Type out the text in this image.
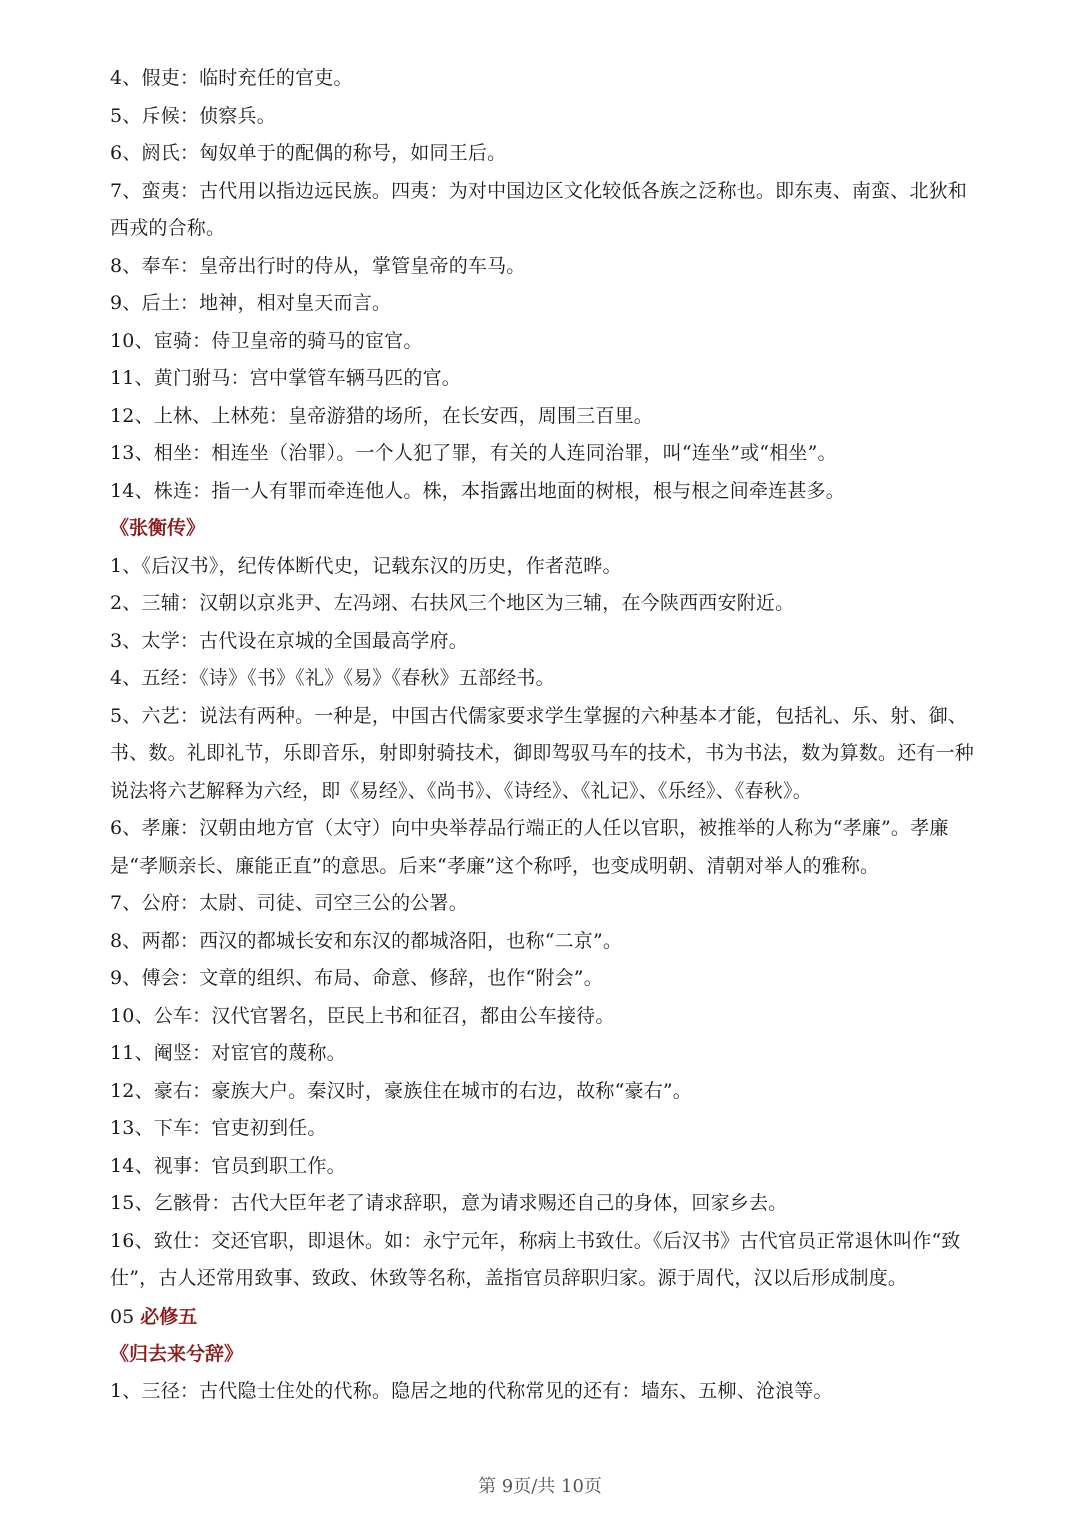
4、假吏：临时充任的官吏。
5、斥候：侦察兵。
6、阏氏：匈奴单于的配偶的称号，如同王后。
7、蛮夷：古代用以指边远民族。四夷：为对中国边区文化较低各族之泛称也。即东夷、南蛮、北狄和西戎的合称。
8、奉车：皇帝出行时的侍从，掌管皇帝的车马。
9、后土：地神，相对皇天而言。
10、宦骑：侍卫皇帝的骑马的宦官。
11、黄门驸马：宫中掌管车辆马匹的官。
12、上林、上林苑：皇帝游猎的场所，在长安西，周围三百里。
13、相坐：相连坐（治罪）。一个人犯了罪，有关的人连同治罪，叫“连坐”或“相坐”。
14、株连：指一人有罪而牵连他人。株，本指露出地面的树根，根与根之间牵连甚多。
《张衡传》
1、《后汉书》，纪传体断代史，记载东汉的历史，作者范晔。
2、三辅：汉朝以京兆尹、左冯翊、右扶风三个地区为三辅，在今陕西西安附近。
3、太学：古代设在京城的全国最高学府。
4、五经：《诗》《书》《礼》《易》《春秋》五部经书。
5、六艺：说法有两种。一种是，中国古代儒家要求学生掌握的六种基本才能，包括礼、乐、射、御、书、数。礼即礼节，乐即音乐，射即射骑技术，御即驾驭马车的技术，书为书法，数为算数。还有一种说法将六艺解释为六经，即《易经》、《尚书》、《诗经》、《礼记》、《乐经》、《春秋》。
6、孝廉：汉朝由地方官（太守）向中央举荐品行端正的人任以官职，被推举的人称为“孝廉”。孝廉是“孝顺亲长、廉能正直”的意思。后来“孝廉”这个称呼，也变成明朝、清朝对举人的雅称。
7、公府：太尉、司徒、司空三公的公署。
8、两都：西汉的都城长安和东汉的都城洛阳，也称“二京”。
9、傅会：文章的组织、布局、命意、修辞，也作“附会”。
10、公车：汉代官署名，臣民上书和征召，都由公车接待。
11、阉竖：对宦官的蔑称。
12、豪右：豪族大户。秦汉时，豪族住在城市的右边，故称“豪右”。
13、下车：官吏初到任。
14、视事：官员到职工作。
15、乞骸骨：古代大臣年老了请求辞职，意为请求赐还自己的身体，回家乡去。
16、致仕：交还官职，即退休。如：永宁元年，称病上书致仕。《后汉书》古代官员正常退休叫作“致仕”，古人还常用致事、致政、休致等名称，盖指官员辞职归家。源于周代，汉以后形成制度。
05 必修五
《归去来兮辞》
1、三径：古代隐士住处的代称。隐居之地的代称常见的还有：墙东、五柳、沧浪等。
第 9页/共 10页
